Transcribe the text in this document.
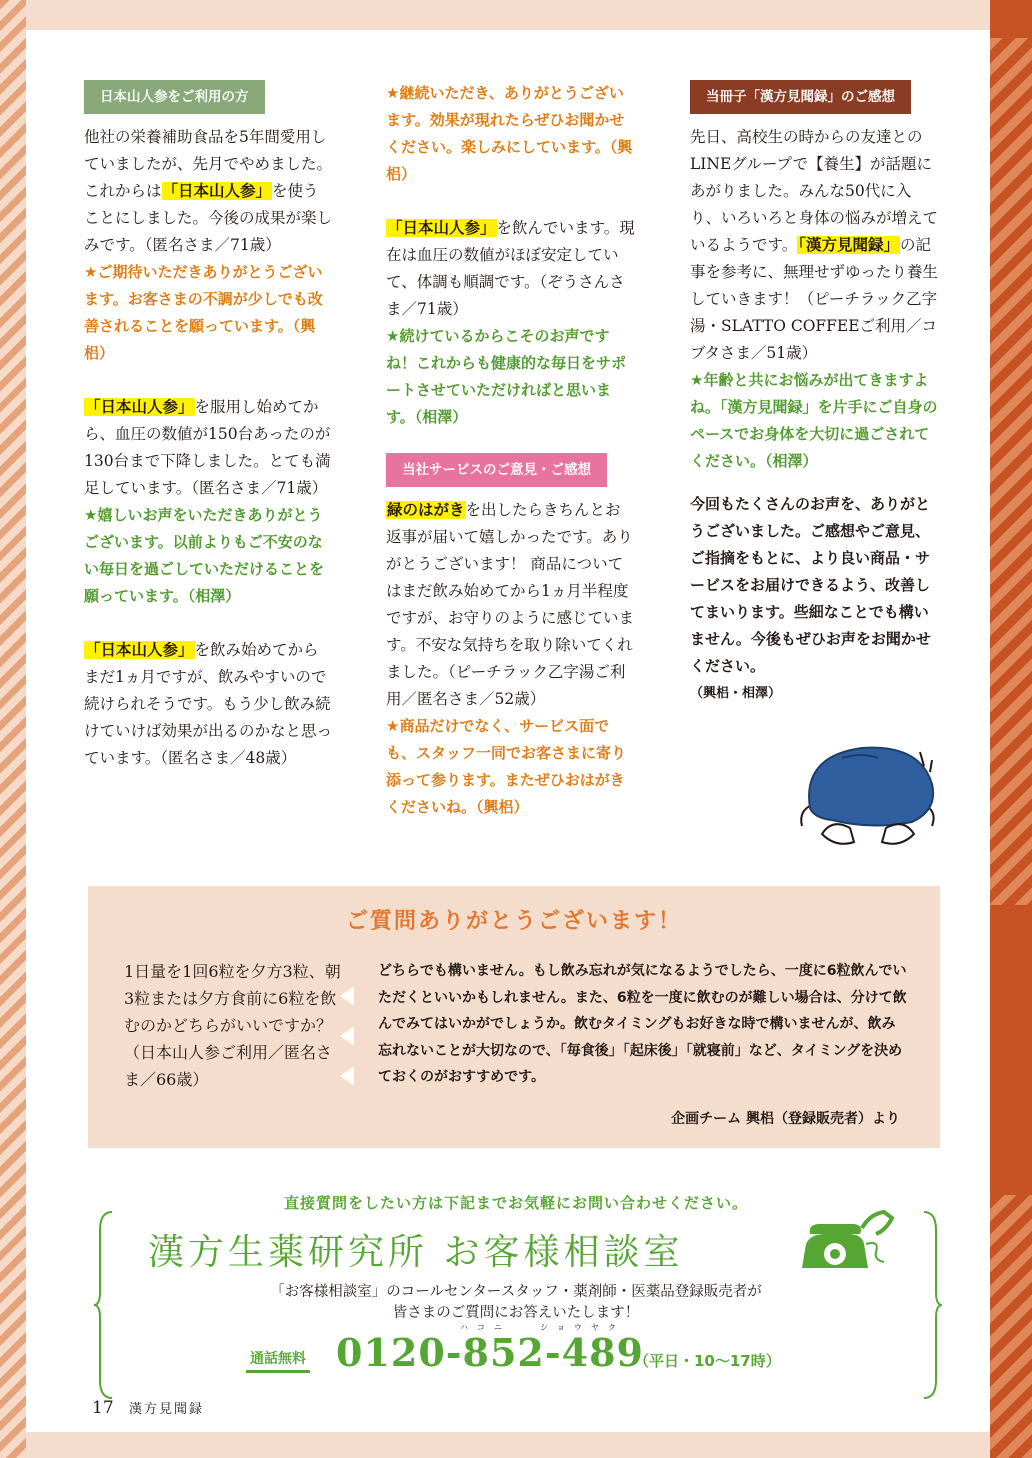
日本山人参をご利用の方

他社の栄養補助食品を5年間愛用していましたが、先月でやめました。これからは「日本山人参」を使うことにしました。今後の成果が楽しみです。（匿名さま／71歳）

★ご期待いただきありがとうございます。お客さまの不調が少しでも改善されることを願っています。（興梠）

「日本山人参」を服用し始めてから、血圧の数値が150台あったのが130台まで下降しました。とても満足しています。（匿名さま／71歳）

★嬉しいお声をいただきありがとうございます。以前よりもご不安のない毎日を過ごしていただけることを願っています。（相澤）

「日本山人参」を飲み始めてからまだ1ヵ月ですが、飲みやすいので続けられそうです。もう少し飲み続けていけば効果が出るのかなと思っています。（匿名さま／48歳）

★継続いただき、ありがとうございます。効果が現れたらぜひお聞かせください。楽しみにしています。（興梠）

「日本山人参」を飲んでいます。現在は血圧の数値がほぼ安定していて、体調も順調です。（ぞうさんさま／71歳）

★続けているからこそのお声ですね！これからも健康的な毎日をサポートさせていただければと思います。（相澤）

当社サービスのご意見・ご感想

緑のはがきを出したらきちんとお返事が届いて嬉しかったです。ありがとうございます！ 商品についてはまだ飲み始めてから1ヵ月半程度ですが、お守りのように感じています。不安な気持ちを取り除いてくれました。（ピーチラック乙字湯ご利用／匿名さま／52歳）

★商品だけでなく、サービス面でも、スタッフ一同でお客さまに寄り添って参ります。またぜひおはがきくださいね。（興梠）

当冊子「漢方見聞録」のご感想

先日、高校生の時からの友達とのLINEグループで【養生】が話題にあがりました。みんな50代に入り、いろいろと身体の悩みが増えているようです。「漢方見聞録」の記事を参考に、無理せずゆったり養生していきます！（ピーチラック乙字湯・SLATTO COFFEEご利用／コブタさま／51歳）

★年齢と共にお悩みが出てきますよね。「漢方見聞録」を片手にご自身のペースでお身体を大切に過ごされてください。（相澤）

今回もたくさんのお声を、ありがとうございました。ご感想やご意見、ご指摘をもとに、より良い商品・サービスをお届けできるよう、改善してまいります。些細なことでも構いません。今後もぜひお声をお聞かせください。

（興梠・相澤）

ご質問ありがとうございます！
1日量を1回6粒を夕方3粒、朝3粒または夕方食前に6粒を飲むのかどちらがいいですか？
（日本山人参ご利用／匿名さま／66歳）
どちらでも構いません。もし飲み忘れが気になるようでしたら、一度に6粒飲んでいただくといいかもしれません。また、6粒を一度に飲むのが難しい場合は、分けて飲んでみてはいかがでしょうか。飲むタイミングもお好きな時で構いませんが、飲み忘れないことが大切なので、「毎食後」「起床後」「就寝前」など、タイミングを決めておくのがおすすめです。
企画チーム 興梠（登録販売者）より
直接質問をしたい方は下記までお気軽にお問い合わせください。
漢方生薬研究所 お客様相談室
「お客様相談室」のコールセンタースタッフ・薬剤師・医薬品登録販売者が
皆さまのご質問にお答えいたします！
通話無料
ハコニ	ショウヤク
0120-852-489
（平日・10〜17時）
17 漢方見聞録
